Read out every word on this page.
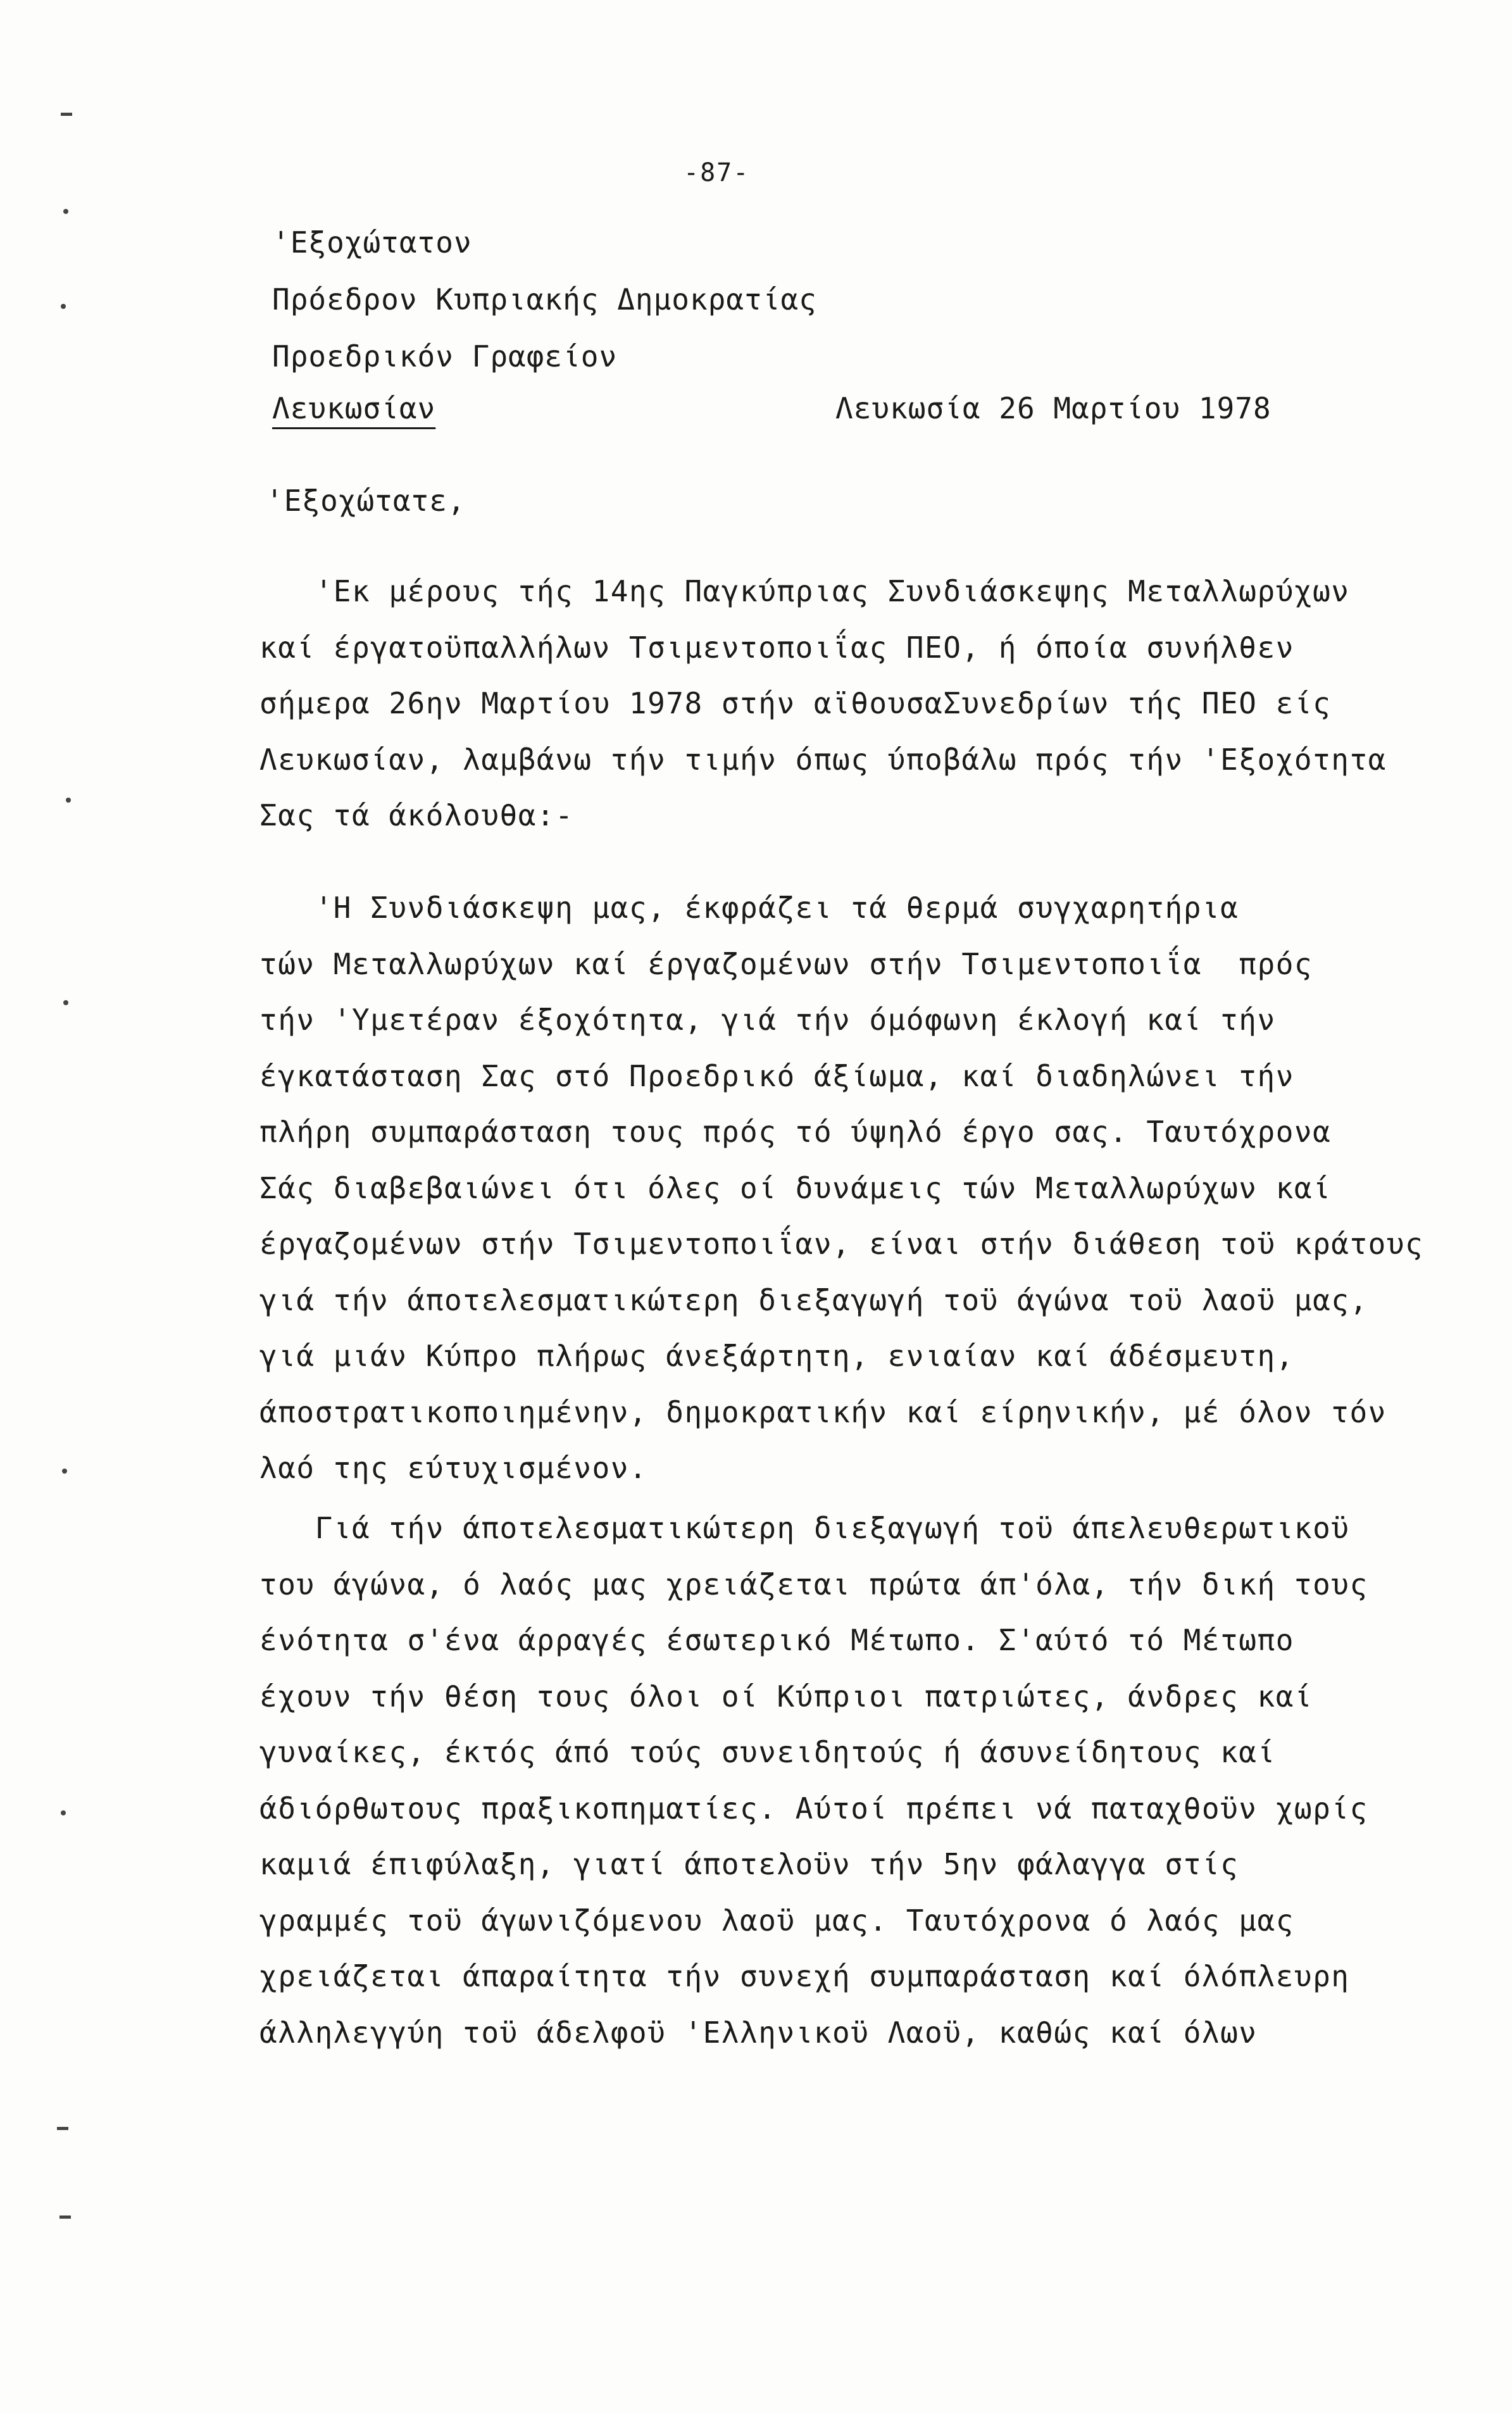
-87-
'Εξοχώτατον
Πρόεδρον Κυπριακής Δημοκρατίας
Προεδρικόν Γραφείον
Λευκωσίαν	Λευκωσία 26 Μαρτίου 1978
'Εξοχώτατε,
'Εκ μέρους τής 14ης Παγκύπριας Συνδιάσκεψης Μεταλλωρύχων
καί έργατοϋπαλλήλων Τσιμεντοποιΐας ΠΕΟ, ή όποία συνήλθεν
σήμερα 26ην Μαρτίου 1978 στήν αϊθουσαΣυνεδρίων τής ΠΕΟ είς
Λευκωσίαν, λαμβάνω τήν τιμήν όπως ύποβάλω πρός τήν 'Εξοχότητα
Σας τά άκόλουθα:-
'Η Συνδιάσκεψη μας, έκφράζει τά θερμά συγχαρητήρια
τών Μεταλλωρύχων καί έργαζομένων στήν Τσιμεντοποιΐα  πρός
τήν 'Υμετέραν έξοχότητα, γιά τήν όμόφωνη έκλογή καί τήν
έγκατάσταση Σας στό Προεδρικό άξίωμα, καί διαδηλώνει τήν
πλήρη συμπαράσταση τους πρός τό ύψηλό έργο σας. Ταυτόχρονα
Σάς διαβεβαιώνει ότι όλες οί δυνάμεις τών Μεταλλωρύχων καί
έργαζομένων στήν Τσιμεντοποιΐαν, είναι στήν διάθεση τοϋ κράτους
γιά τήν άποτελεσματικώτερη διεξαγωγή τοϋ άγώνα τοϋ λαοϋ μας,
γιά μιάν Κύπρο πλήρως άνεξάρτητη, ενιαίαν καί άδέσμευτη,
άποστρατικοποιημένην, δημοκρατικήν καί είρηνικήν, μέ όλον τόν
λαό της εύτυχισμένον.
Γιά τήν άποτελεσματικώτερη διεξαγωγή τοϋ άπελευθερωτικοϋ
του άγώνα, ό λαός μας χρειάζεται πρώτα άπ'όλα, τήν δική τους
ένότητα σ'ένα άρραγές έσωτερικό Μέτωπο. Σ'αύτό τό Μέτωπο
έχουν τήν θέση τους όλοι οί Κύπριοι πατριώτες, άνδρες καί
γυναίκες, έκτός άπό τούς συνειδητούς ή άσυνείδητους καί
άδιόρθωτους πραξικοπηματίες. Αύτοί πρέπει νά παταχθοϋν χωρίς
καμιά έπιφύλαξη, γιατί άποτελοϋν τήν 5ην φάλαγγα στίς
γραμμές τοϋ άγωνιζόμενου λαοϋ μας. Ταυτόχρονα ό λαός μας
χρειάζεται άπαραίτητα τήν συνεχή συμπαράσταση καί όλόπλευρη
άλληλεγγύη τοϋ άδελφοϋ 'Ελληνικοϋ Λαοϋ, καθώς καί όλων
